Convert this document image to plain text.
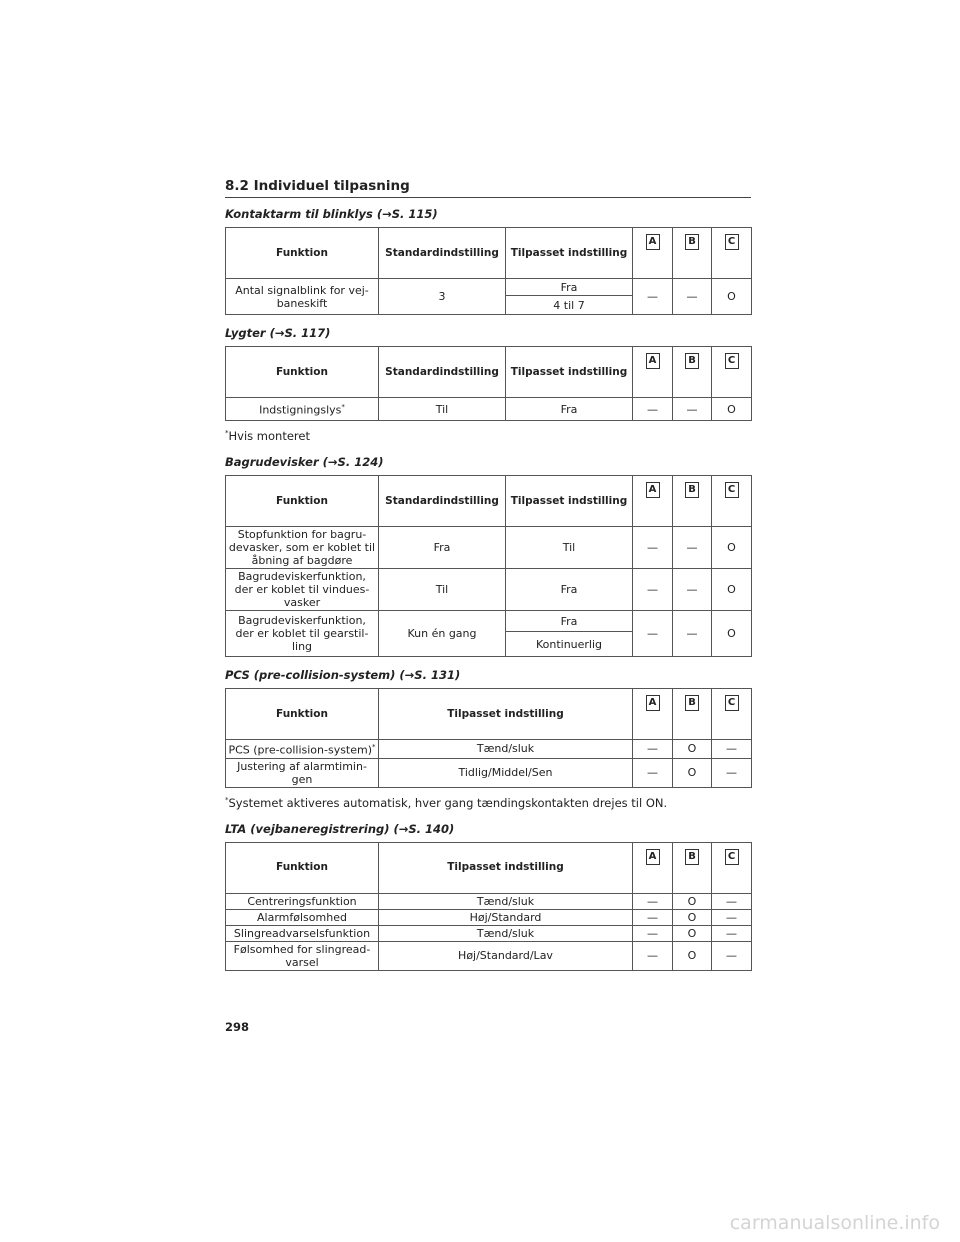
8.2 Individuel tilpasning
Kontaktarm til blinklys (→S. 115)
Funktion	Standardindstilling	Tilpasset indstilling	A	B	C
Antal signalblink for vej-baneskift	3	Fra	—	—	O
		4 til 7			
Lygter (→S. 117)
Funktion	Standardindstilling	Tilpasset indstilling	A	B	C
Indstigningslys*	Til	Fra	—	—	O
*Hvis monteret
Bagrudevisker (→S. 124)
Funktion	Standardindstilling	Tilpasset indstilling	A	B	C
Stopfunktion for bagru-devasker, som er koblet til åbning af bagdøre	Fra	Til	—	—	O
Bagrudeviskerfunktion, der er koblet til vindues-vasker	Til	Fra	—	—	O
Bagrudeviskerfunktion, der er koblet til gearstil-ling	Kun én gang	Fra	—	—	O
		Kontinuerlig			
PCS (pre-collision-system) (→S. 131)
Funktion	Tilpasset indstilling	A	B	C
PCS (pre-collision-system)*	Tænd/sluk	—	O	—
Justering af alarmtimin-gen	Tidlig/Middel/Sen	—	O	—
*Systemet aktiveres automatisk, hver gang tændingskontakten drejes til ON.
LTA (vejbaneregistrering) (→S. 140)
Funktion	Tilpasset indstilling	A	B	C
Centreringsfunktion	Tænd/sluk	—	O	—
Alarmfølsomhed	Høj/Standard	—	O	—
Slingreadvarselsfunktion	Tænd/sluk	—	O	—
Følsomhed for slingread-varsel	Høj/Standard/Lav	—	O	—
298
carmanualsonline.info
